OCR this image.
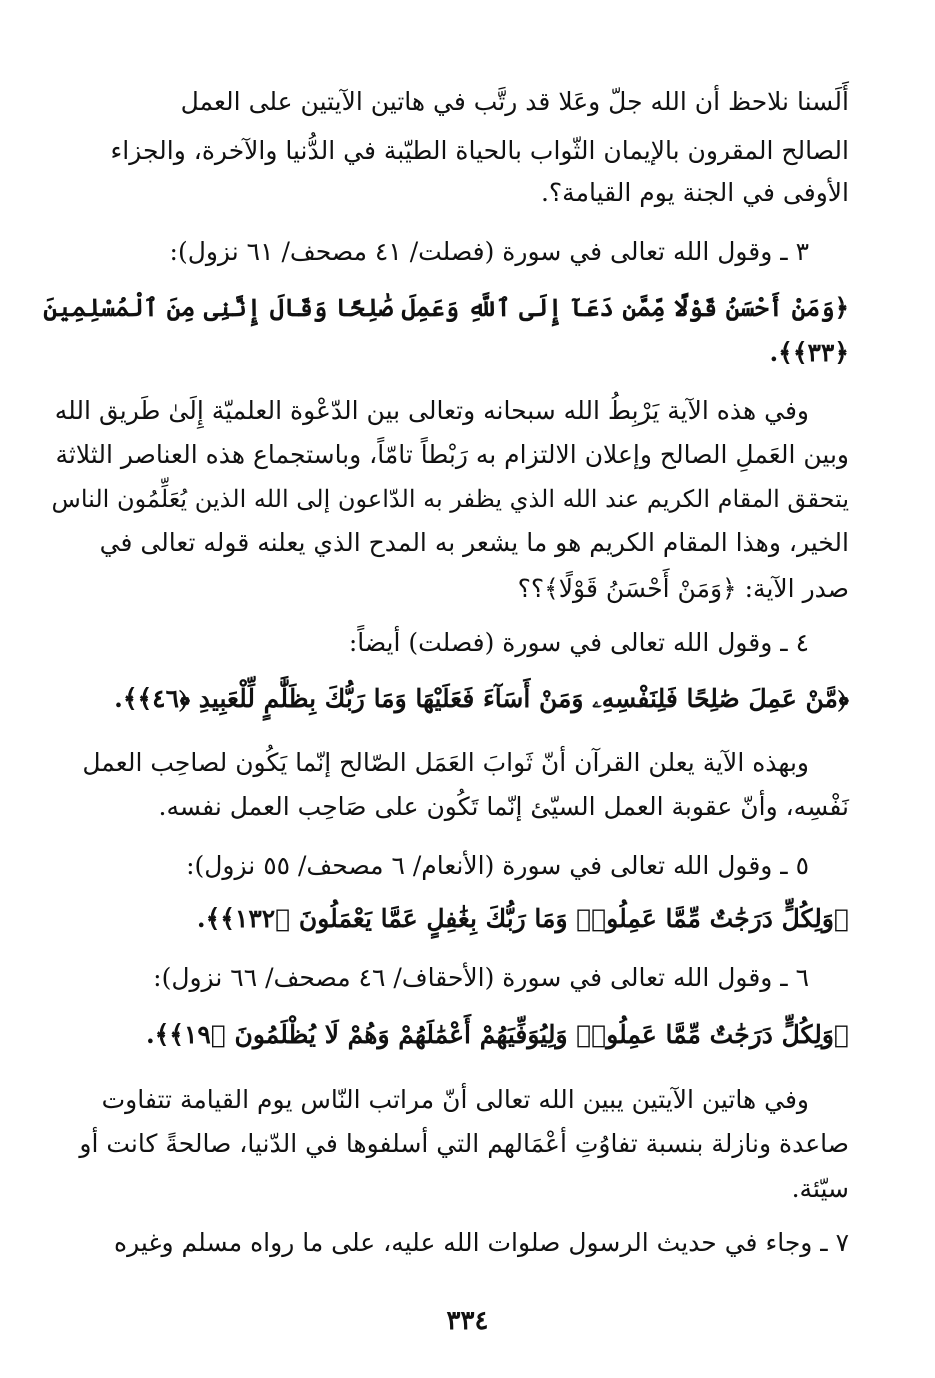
أَلَسنا نلاحظ أن الله جلّ وعَلا قد رتَّب في هاتين الآيتين على العمل
الصالح المقرون بالإيمان الثّواب بالحياة الطيّبة في الدُّنيا والآخرة، والجزاء
الأوفى في الجنة يوم القيامة؟.
٣ ـ وقول الله تعالى في سورة (فصلت/ ٤١ مصحف/ ٦١ نزول):
﴿وَمَنْ أَحْسَنُ قَوْلًا مِّمَّن دَعَآ إِلَى ٱللَّهِ وَعَمِلَ صَٰلِحًا وَقَالَ إِنَّنِى مِنَ ٱلْمُسْلِمِينَ
﴿٣٣﴾﴾.
وفي هذه الآية يَرْبِطُ الله سبحانه وتعالى بين الدّعْوة العلميّة إِلَىٰ طَريق الله
وبين العَملِ الصالح وإعلان الالتزام به رَبْطاً تامّاً، وباستجماع هذه العناصر الثلاثة
يتحقق المقام الكريم عند الله الذي يظفر به الدّاعون إلى الله الذين يُعَلِّمُون الناس
الخير، وهذا المقام الكريم هو ما يشعر به المدح الذي يعلنه قوله تعالى في
صدر الآية: ﴿وَمَنْ أَحْسَنُ قَوْلًا﴾؟؟
٤ ـ وقول الله تعالى في سورة (فصلت) أيضاً:
﴿مَّنْ عَمِلَ صَٰلِحًا فَلِنَفْسِهِۦ وَمَنْ أَسَآءَ فَعَلَيْهَا وَمَا رَبُّكَ بِظَلَّٰمٍ لِّلْعَبِيدِ ﴿٤٦﴾﴾.
وبهذه الآية يعلن القرآن أنّ ثَوابَ العَمَل الصّالح إنّما يَكُون لصاحِب العمل
نَفْسِه، وأنّ عقوبة العمل السيّئ إنّما تَكُون على صَاحِب العمل نفسه.
٥ ـ وقول الله تعالى في سورة (الأنعام/ ٦ مصحف/ ٥٥ نزول):
﴿وَلِكُلٍّ دَرَجَٰتٌ مِّمَّا عَمِلُوا۟ وَمَا رَبُّكَ بِغَٰفِلٍ عَمَّا يَعْمَلُونَ ﴿١٣٢﴾﴾.
٦ ـ وقول الله تعالى في سورة (الأحقاف/ ٤٦ مصحف/ ٦٦ نزول):
﴿وَلِكُلٍّ دَرَجَٰتٌ مِّمَّا عَمِلُوا۟ وَلِيُوَفِّيَهُمْ أَعْمَٰلَهُمْ وَهُمْ لَا يُظْلَمُونَ ﴿١٩﴾﴾.
وفي هاتين الآيتين يبين الله تعالى أنّ مراتب النّاس يوم القيامة تتفاوت
صاعدة ونازلة بنسبة تفاوُتِ أعْمَالهم التي أسلفوها في الدّنيا، صالحةً كانت أو
سيّئة.
٧ ـ وجاء في حديث الرسول صلوات الله عليه، على ما رواه مسلم وغيره
٣٣٤
